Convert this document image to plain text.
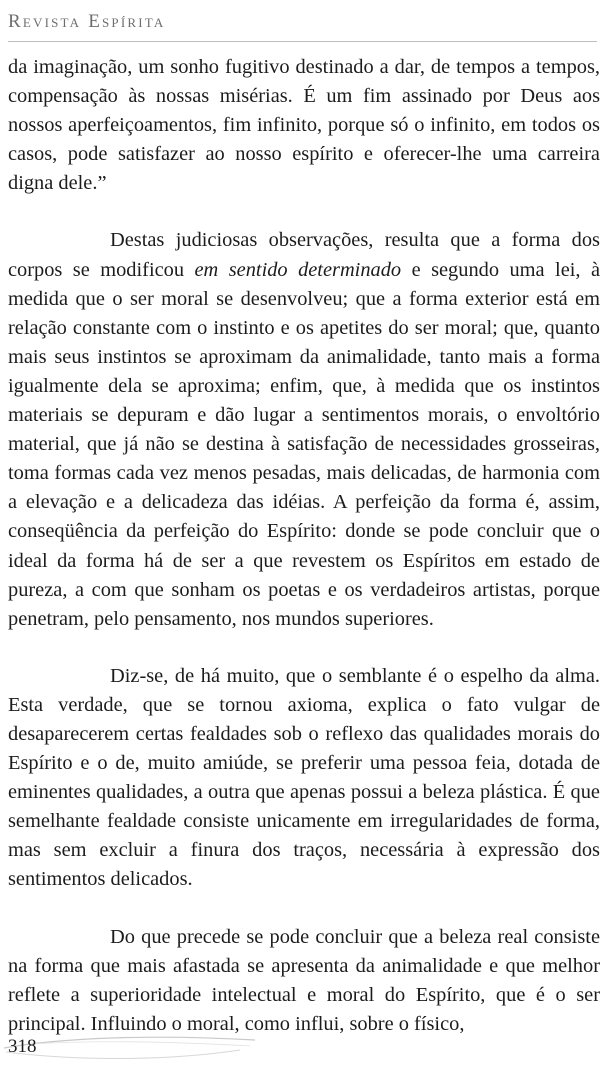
Revista Espírita

da imaginação, um sonho fugitivo destinado a dar, de tempos a tempos, compensação às nossas misérias. É um fim assinado por Deus aos nossos aperfeiçoamentos, fim infinito, porque só o infinito, em todos os casos, pode satisfazer ao nosso espírito e oferecer-lhe uma carreira digna dele.”

Destas judiciosas observações, resulta que a forma dos corpos se modificou em sentido determinado e segundo uma lei, à medida que o ser moral se desenvolveu; que a forma exterior está em relação constante com o instinto e os apetites do ser moral; que, quanto mais seus instintos se aproximam da animalidade, tanto mais a forma igualmente dela se aproxima; enfim, que, à medida que os instintos materiais se depuram e dão lugar a sentimentos morais, o envoltório material, que já não se destina à satisfação de necessidades grosseiras, toma formas cada vez menos pesadas, mais delicadas, de harmonia com a elevação e a delicadeza das idéias. A perfeição da forma é, assim, conseqüência da perfeição do Espírito: donde se pode concluir que o ideal da forma há de ser a que revestem os Espíritos em estado de pureza, a com que sonham os poetas e os verdadeiros artistas, porque penetram, pelo pensamento, nos mundos superiores.

Diz-se, de há muito, que o semblante é o espelho da alma. Esta verdade, que se tornou axioma, explica o fato vulgar de desaparecerem certas fealdades sob o reflexo das qualidades morais do Espírito e o de, muito amiúde, se preferir uma pessoa feia, dotada de eminentes qualidades, a outra que apenas possui a beleza plástica. É que semelhante fealdade consiste unicamente em irregularidades de forma, mas sem excluir a finura dos traços, necessária à expressão dos sentimentos delicados.

Do que precede se pode concluir que a beleza real consiste na forma que mais afastada se apresenta da animalidade e que melhor reflete a superioridade intelectual e moral do Espírito, que é o ser principal. Influindo o moral, como influi, sobre o físico,

318
